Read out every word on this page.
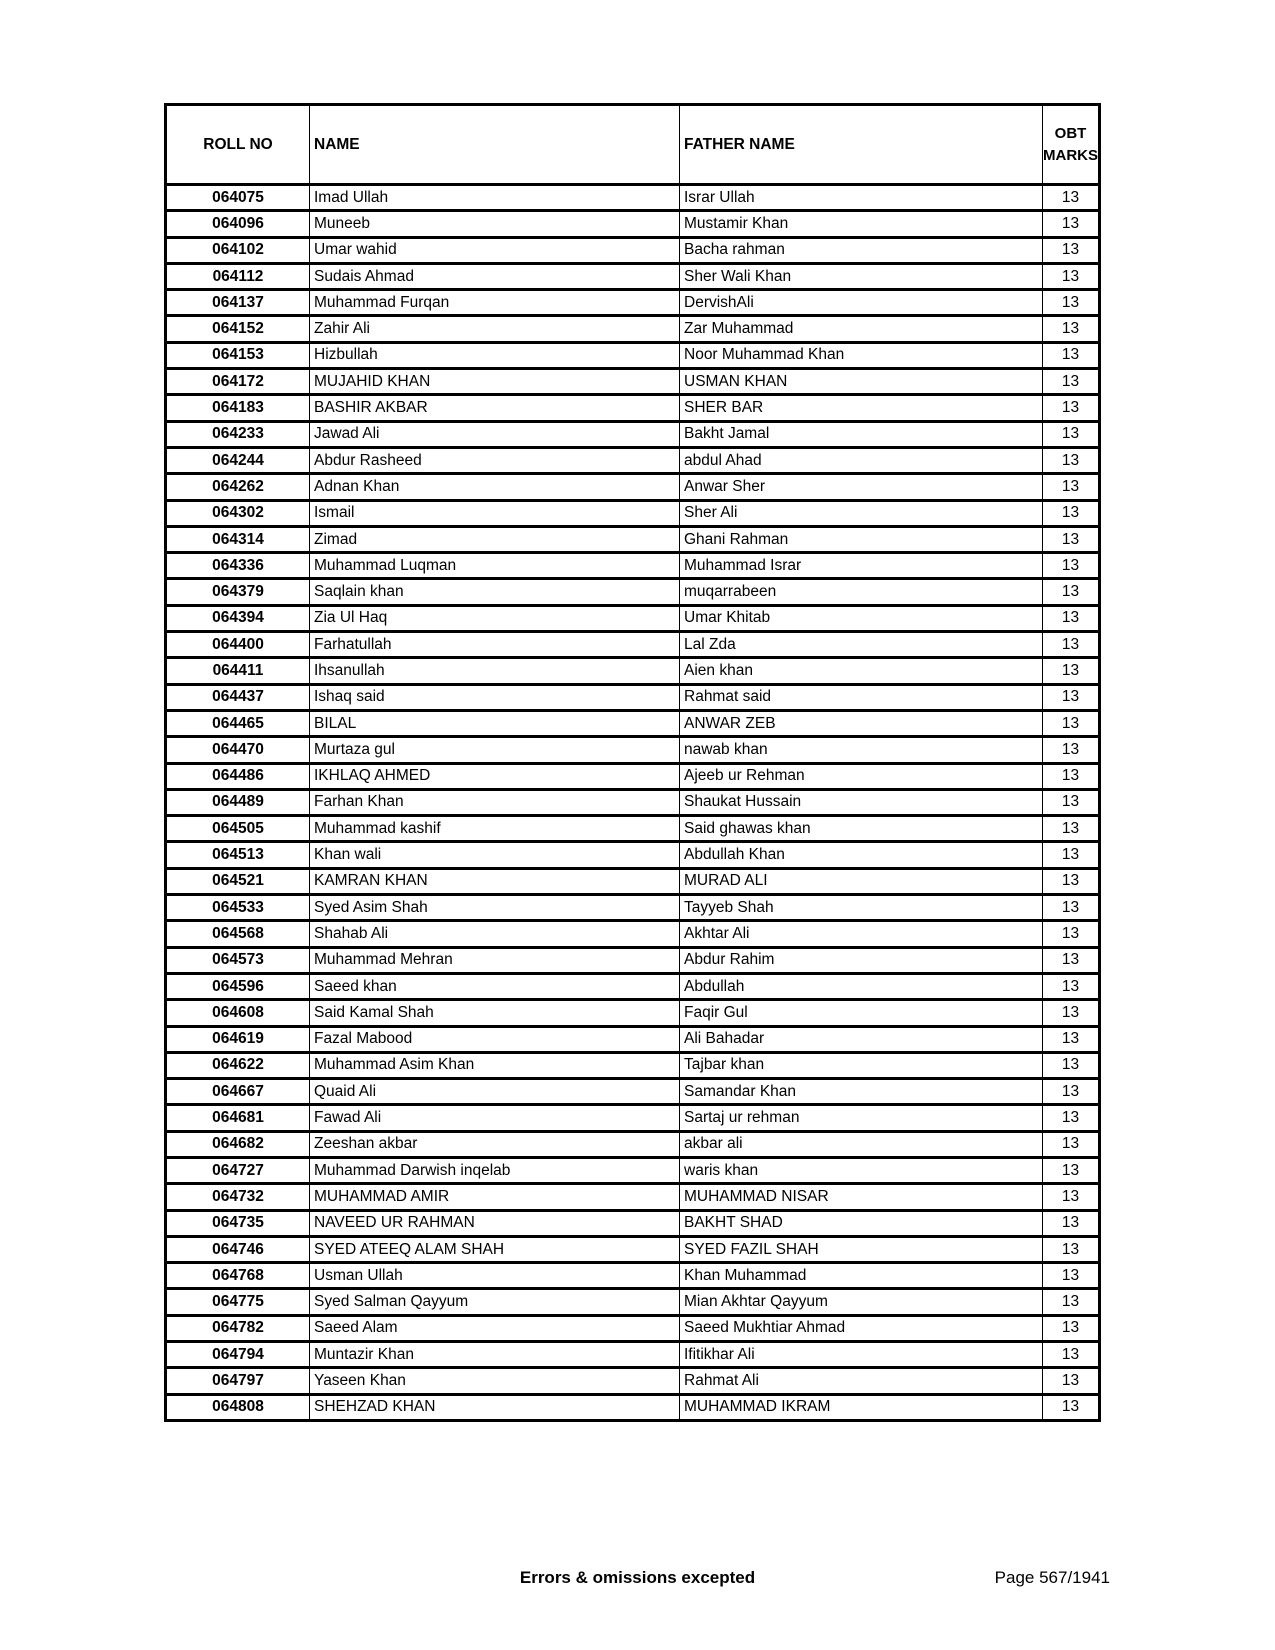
ROLL NO	NAME	FATHER NAME	OBT MARKS
064075	Imad Ullah	Israr Ullah	13
064096	Muneeb	Mustamir Khan	13
064102	Umar wahid	Bacha rahman	13
064112	Sudais Ahmad	Sher Wali Khan	13
064137	Muhammad Furqan	DervishAli	13
064152	Zahir Ali	Zar Muhammad	13
064153	Hizbullah	Noor Muhammad Khan	13
064172	MUJAHID KHAN	USMAN KHAN	13
064183	BASHIR AKBAR	SHER BAR	13
064233	Jawad Ali	Bakht Jamal	13
064244	Abdur Rasheed	abdul Ahad	13
064262	Adnan Khan	Anwar Sher	13
064302	Ismail	Sher Ali	13
064314	Zimad	Ghani Rahman	13
064336	Muhammad Luqman	Muhammad Israr	13
064379	Saqlain khan	muqarrabeen	13
064394	Zia Ul Haq	Umar Khitab	13
064400	Farhatullah	Lal Zda	13
064411	Ihsanullah	Aien khan	13
064437	Ishaq said	Rahmat said	13
064465	BILAL	ANWAR ZEB	13
064470	Murtaza gul	nawab khan	13
064486	IKHLAQ AHMED	Ajeeb ur Rehman	13
064489	Farhan Khan	Shaukat Hussain	13
064505	Muhammad kashif	Said ghawas khan	13
064513	Khan wali	Abdullah Khan	13
064521	KAMRAN KHAN	MURAD ALI	13
064533	Syed Asim Shah	Tayyeb Shah	13
064568	Shahab Ali	Akhtar Ali	13
064573	Muhammad Mehran	Abdur Rahim	13
064596	Saeed khan	Abdullah	13
064608	Said Kamal Shah	Faqir Gul	13
064619	Fazal Mabood	Ali Bahadar	13
064622	Muhammad Asim Khan	Tajbar khan	13
064667	Quaid Ali	Samandar Khan	13
064681	Fawad Ali	Sartaj ur rehman	13
064682	Zeeshan akbar	akbar ali	13
064727	Muhammad Darwish inqelab	waris khan	13
064732	MUHAMMAD AMIR	MUHAMMAD NISAR	13
064735	NAVEED UR RAHMAN	BAKHT SHAD	13
064746	SYED ATEEQ ALAM SHAH	SYED FAZIL SHAH	13
064768	Usman Ullah	Khan Muhammad	13
064775	Syed Salman Qayyum	Mian Akhtar Qayyum	13
064782	Saeed Alam	Saeed Mukhtiar Ahmad	13
064794	Muntazir Khan	Ifitikhar Ali	13
064797	Yaseen Khan	Rahmat Ali	13
064808	SHEHZAD KHAN	MUHAMMAD IKRAM	13
Errors & omissions excepted	Page 567/1941
